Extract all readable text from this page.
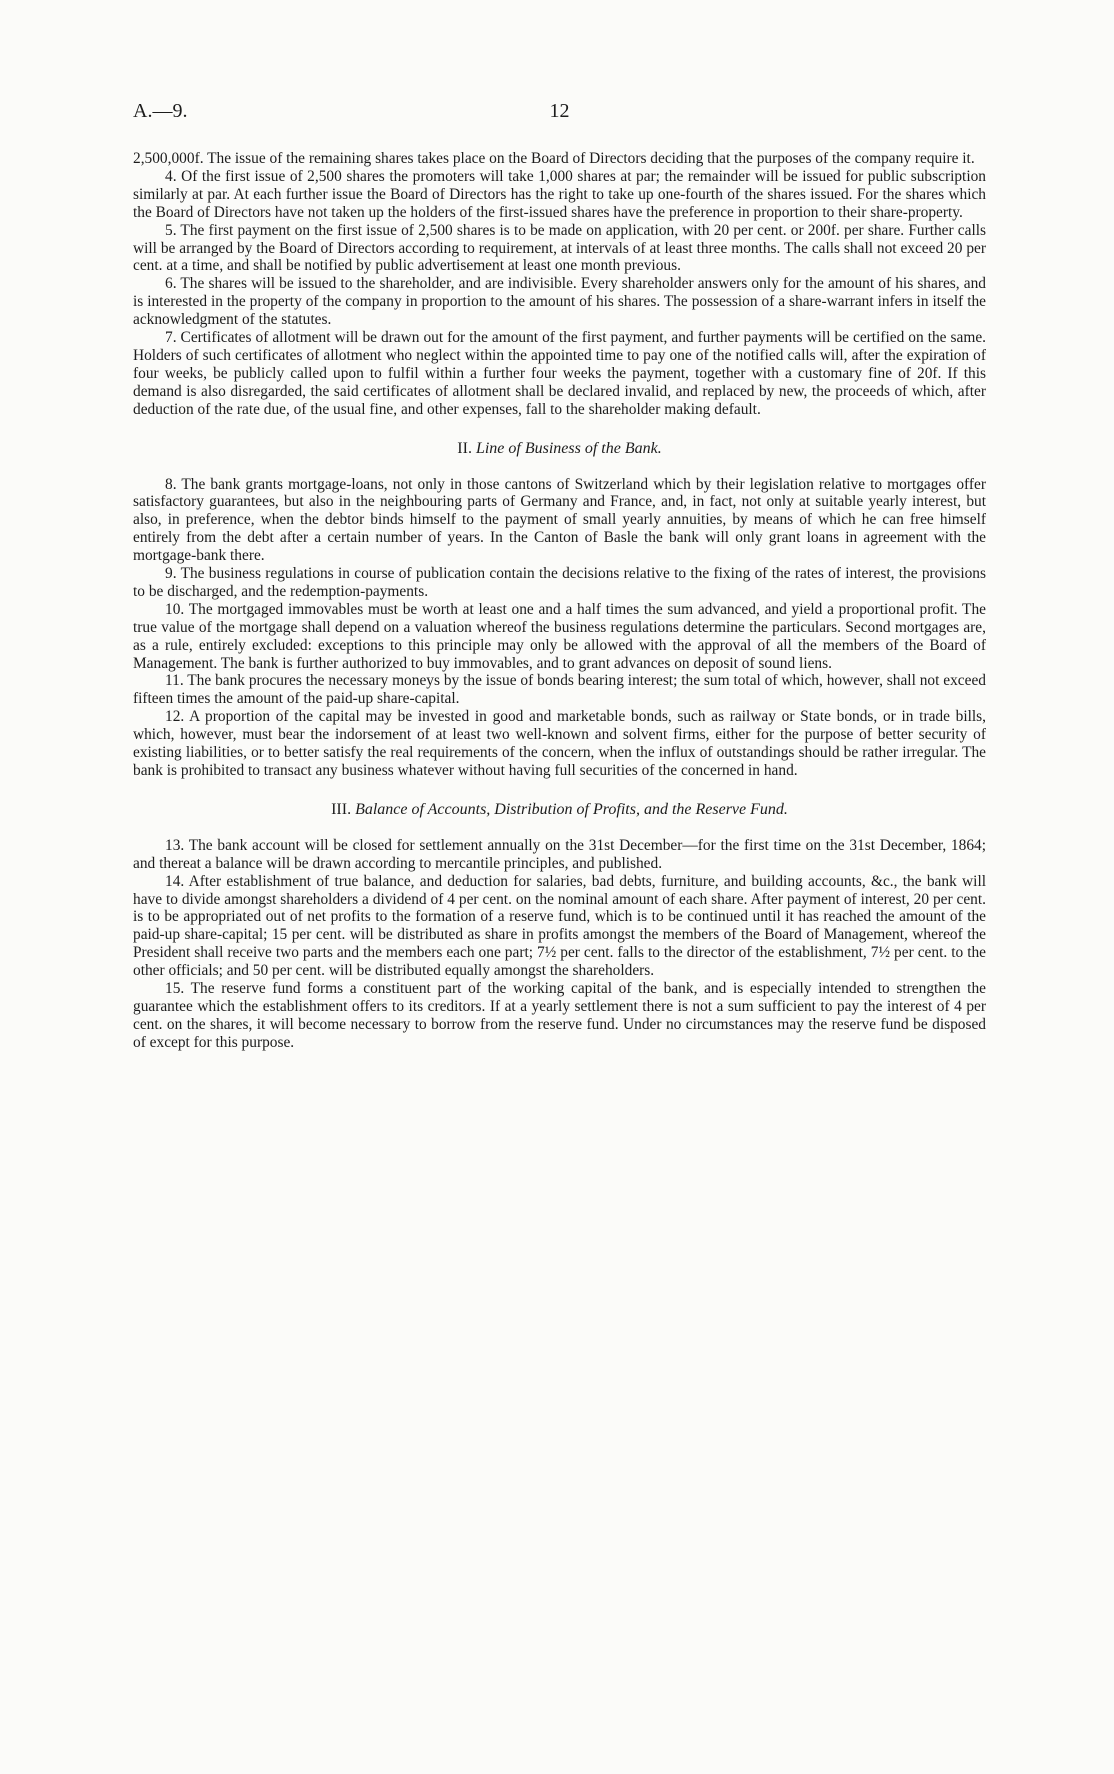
A.—9.	12

2,500,000f. The issue of the remaining shares takes place on the Board of Directors deciding that the purposes of the company require it.

4. Of the first issue of 2,500 shares the promoters will take 1,000 shares at par; the remainder will be issued for public subscription similarly at par. At each further issue the Board of Directors has the right to take up one-fourth of the shares issued. For the shares which the Board of Directors have not taken up the holders of the first-issued shares have the preference in proportion to their share-property.

5. The first payment on the first issue of 2,500 shares is to be made on application, with 20 per cent. or 200f. per share. Further calls will be arranged by the Board of Directors according to requirement, at intervals of at least three months. The calls shall not exceed 20 per cent. at a time, and shall be notified by public advertisement at least one month previous.

6. The shares will be issued to the shareholder, and are indivisible. Every shareholder answers only for the amount of his shares, and is interested in the property of the company in proportion to the amount of his shares. The possession of a share-warrant infers in itself the acknowledgment of the statutes.

7. Certificates of allotment will be drawn out for the amount of the first payment, and further payments will be certified on the same. Holders of such certificates of allotment who neglect within the appointed time to pay one of the notified calls will, after the expiration of four weeks, be publicly called upon to fulfil within a further four weeks the payment, together with a customary fine of 20f. If this demand is also disregarded, the said certificates of allotment shall be declared invalid, and replaced by new, the proceeds of which, after deduction of the rate due, of the usual fine, and other expenses, fall to the shareholder making default.

II. Line of Business of the Bank.

8. The bank grants mortgage-loans, not only in those cantons of Switzerland which by their legislation relative to mortgages offer satisfactory guarantees, but also in the neighbouring parts of Germany and France, and, in fact, not only at suitable yearly interest, but also, in preference, when the debtor binds himself to the payment of small yearly annuities, by means of which he can free himself entirely from the debt after a certain number of years. In the Canton of Basle the bank will only grant loans in agreement with the mortgage-bank there.

9. The business regulations in course of publication contain the decisions relative to the fixing of the rates of interest, the provisions to be discharged, and the redemption-payments.

10. The mortgaged immovables must be worth at least one and a half times the sum advanced, and yield a proportional profit. The true value of the mortgage shall depend on a valuation whereof the business regulations determine the particulars. Second mortgages are, as a rule, entirely excluded: exceptions to this principle may only be allowed with the approval of all the members of the Board of Management. The bank is further authorized to buy immovables, and to grant advances on deposit of sound liens.

11. The bank procures the necessary moneys by the issue of bonds bearing interest; the sum total of which, however, shall not exceed fifteen times the amount of the paid-up share-capital.

12. A proportion of the capital may be invested in good and marketable bonds, such as railway or State bonds, or in trade bills, which, however, must bear the indorsement of at least two well-known and solvent firms, either for the purpose of better security of existing liabilities, or to better satisfy the real requirements of the concern, when the influx of outstandings should be rather irregular. The bank is prohibited to transact any business whatever without having full securities of the concerned in hand.

III. Balance of Accounts, Distribution of Profits, and the Reserve Fund.

13. The bank account will be closed for settlement annually on the 31st December—for the first time on the 31st December, 1864; and thereat a balance will be drawn according to mercantile principles, and published.

14. After establishment of true balance, and deduction for salaries, bad debts, furniture, and building accounts, &c., the bank will have to divide amongst shareholders a dividend of 4 per cent. on the nominal amount of each share. After payment of interest, 20 per cent. is to be appropriated out of net profits to the formation of a reserve fund, which is to be continued until it has reached the amount of the paid-up share-capital; 15 per cent. will be distributed as share in profits amongst the members of the Board of Management, whereof the President shall receive two parts and the members each one part; 7½ per cent. falls to the director of the establishment, 7½ per cent. to the other officials; and 50 per cent. will be distributed equally amongst the shareholders.

15. The reserve fund forms a constituent part of the working capital of the bank, and is especially intended to strengthen the guarantee which the establishment offers to its creditors. If at a yearly settlement there is not a sum sufficient to pay the interest of 4 per cent. on the shares, it will become necessary to borrow from the reserve fund. Under no circumstances may the reserve fund be disposed of except for this purpose.
